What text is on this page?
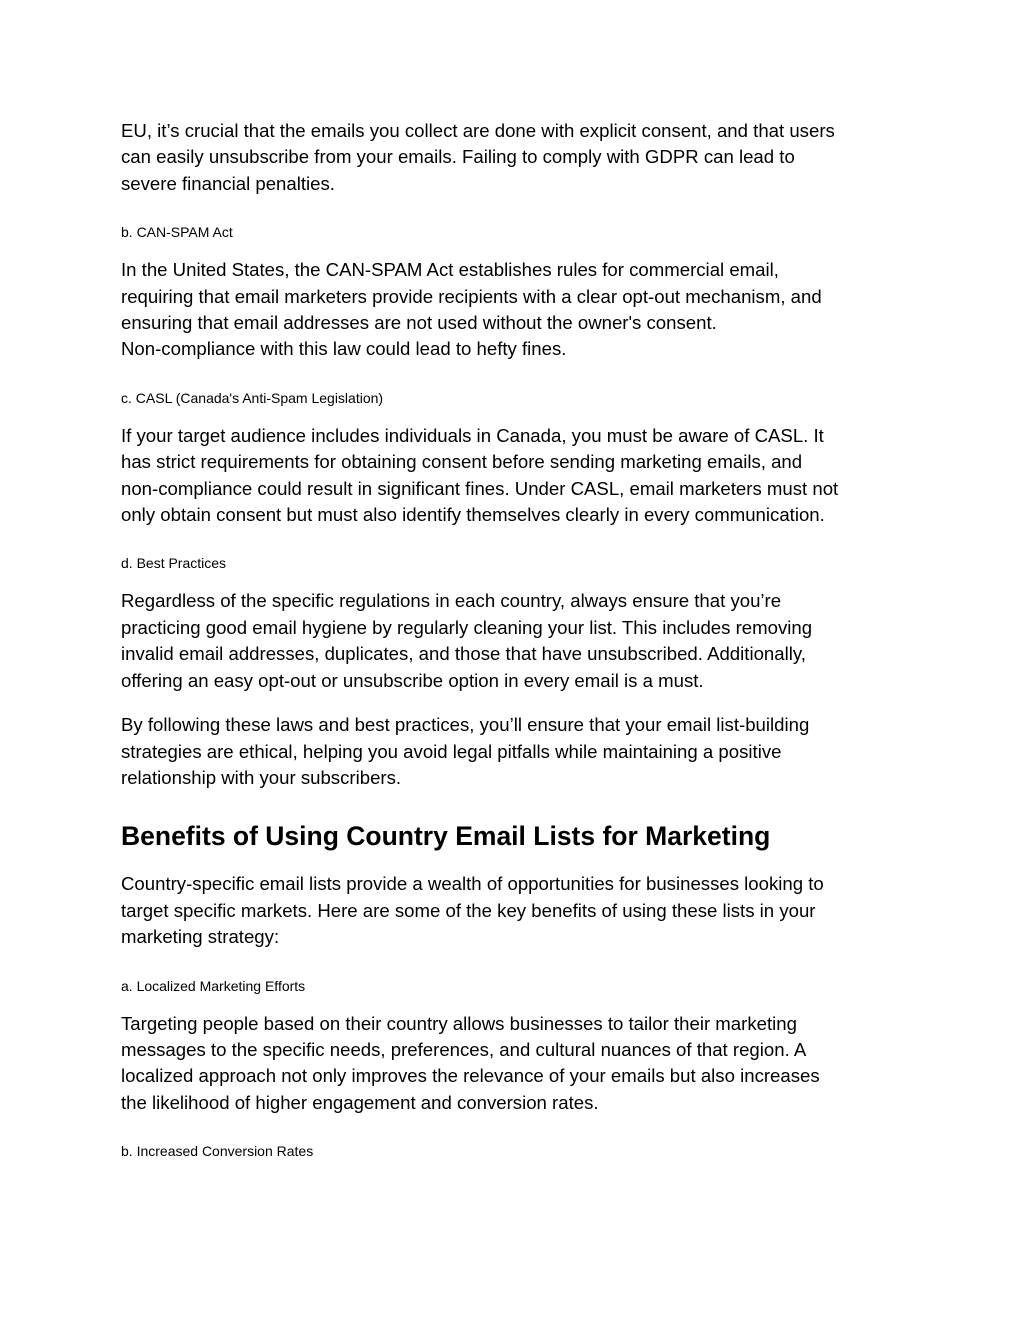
EU, it’s crucial that the emails you collect are done with explicit consent, and that users
can easily unsubscribe from your emails. Failing to comply with GDPR can lead to
severe financial penalties.

b. CAN-SPAM Act

In the United States, the CAN-SPAM Act establishes rules for commercial email,
requiring that email marketers provide recipients with a clear opt-out mechanism, and
ensuring that email addresses are not used without the owner's consent.
Non-compliance with this law could lead to hefty fines.

c. CASL (Canada's Anti-Spam Legislation)

If your target audience includes individuals in Canada, you must be aware of CASL. It
has strict requirements for obtaining consent before sending marketing emails, and
non-compliance could result in significant fines. Under CASL, email marketers must not
only obtain consent but must also identify themselves clearly in every communication.

d. Best Practices

Regardless of the specific regulations in each country, always ensure that you’re
practicing good email hygiene by regularly cleaning your list. This includes removing
invalid email addresses, duplicates, and those that have unsubscribed. Additionally,
offering an easy opt-out or unsubscribe option in every email is a must.

By following these laws and best practices, you’ll ensure that your email list-building
strategies are ethical, helping you avoid legal pitfalls while maintaining a positive
relationship with your subscribers.

Benefits of Using Country Email Lists for Marketing

Country-specific email lists provide a wealth of opportunities for businesses looking to
target specific markets. Here are some of the key benefits of using these lists in your
marketing strategy:

a. Localized Marketing Efforts

Targeting people based on their country allows businesses to tailor their marketing
messages to the specific needs, preferences, and cultural nuances of that region. A
localized approach not only improves the relevance of your emails but also increases
the likelihood of higher engagement and conversion rates.

b. Increased Conversion Rates
